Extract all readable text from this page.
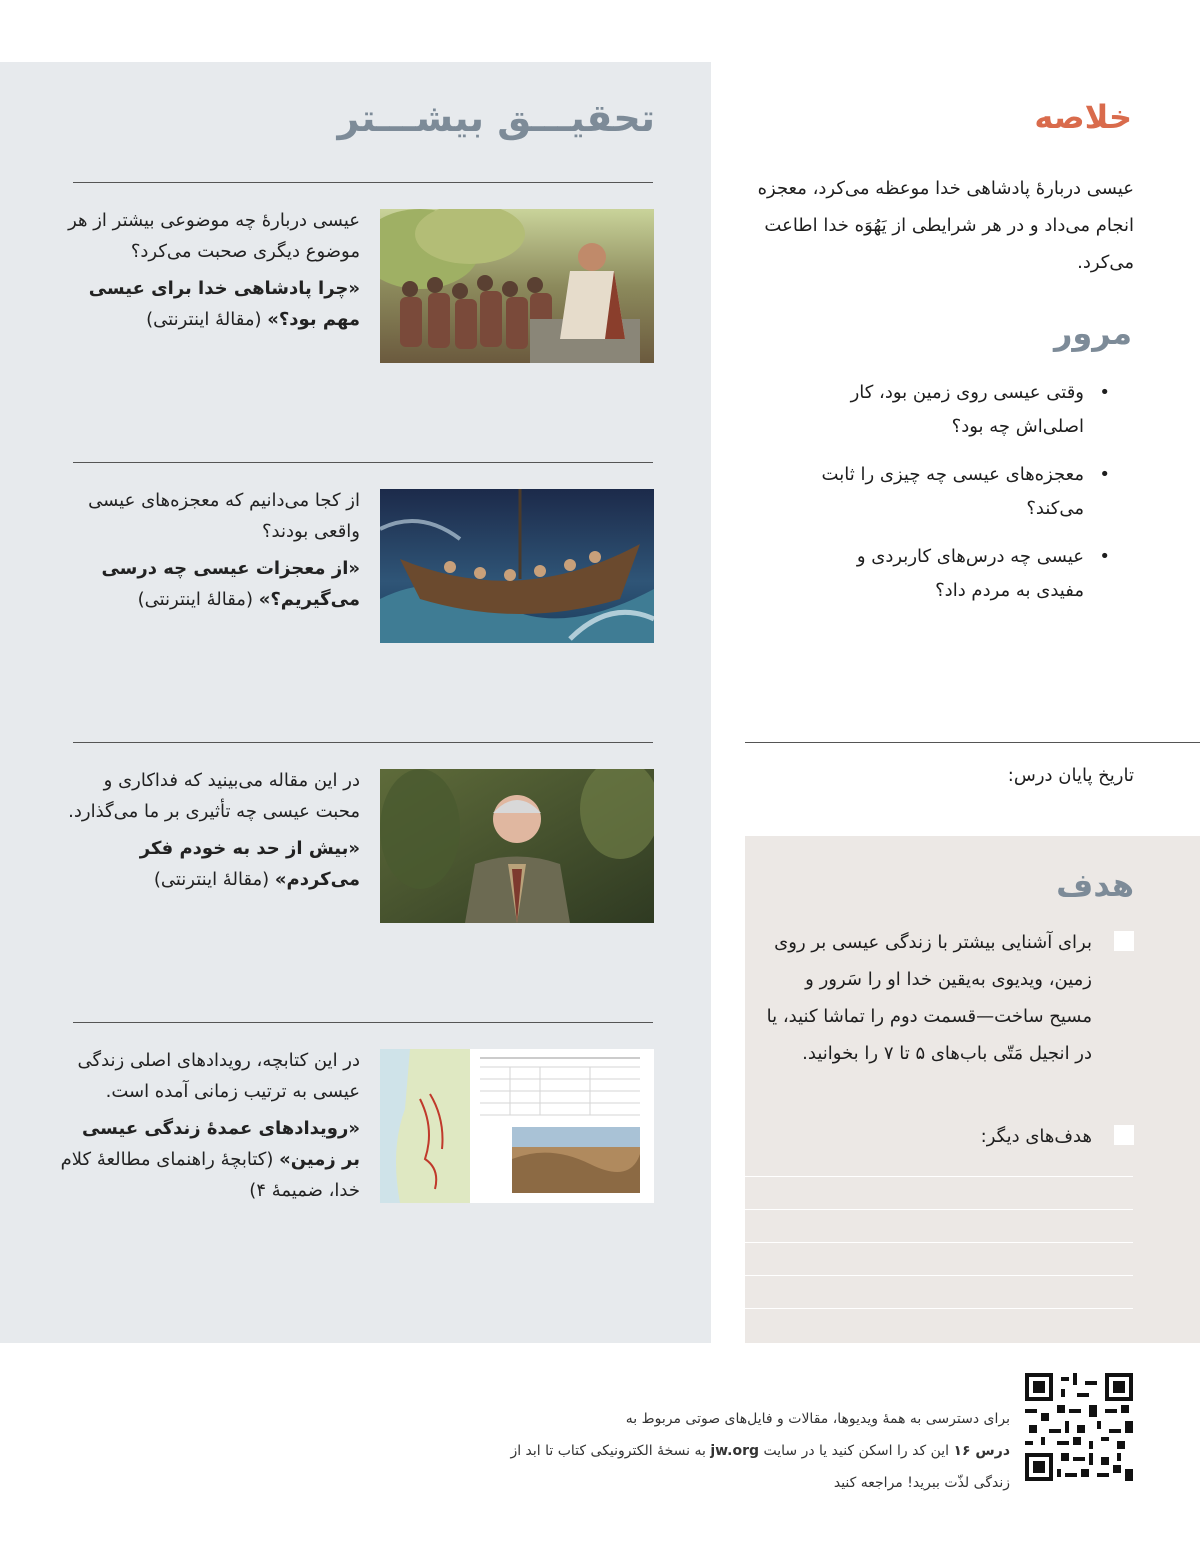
تحقیـــق بیشـــتر
عیسی دربارهٔ چه موضوعی بیشتر از هر موضوع دیگری صحبت می‌کرد؟
«چرا پادشاهی خدا برای عیسی مهم بود؟» (مقالهٔ اینترنتی)
از کجا می‌دانیم که معجزه‌های عیسی واقعی بودند؟
«از معجزات عیسی چه درسی می‌گیریم؟» (مقالهٔ اینترنتی)
در این مقاله می‌بینید که فداکاری و محبت عیسی چه تأثیری بر ما می‌گذارد.
«بیش از حد به خودم فکر می‌کردم» (مقالهٔ اینترنتی)
در این کتابچه، رویدادهای اصلی زندگی عیسی به ترتیب زمانی آمده است.
«رویدادهای عمدهٔ زندگی عیسی بر زمین» (کتابچهٔ راهنمای مطالعهٔ کلام خدا، ضمیمهٔ ۴)
خلاصه
عیسی دربارهٔ پادشاهی خدا موعظه می‌کرد، معجزه انجام می‌داد و در هر شرایطی از یَهُوَه خدا اطاعت می‌کرد.
مرور
•
وقتی عیسی روی زمین بود، کار اصلی‌اش چه بود؟
•
معجزه‌های عیسی چه چیزی را ثابت می‌کند؟
•
عیسی چه درس‌های کاربردی و مفیدی به مردم داد؟
تاریخ پایان درس:
هدف
برای آشنایی بیشتر با زندگی عیسی بر روی زمین، ویدیوی به‌یقین خدا او را سَرور و مسیح ساخت—قسمت دوم را تماشا کنید، یا در انجیل مَتّی باب‌های ۵ تا ۷ را بخوانید.
هدف‌های دیگر:
برای دسترسی به همهٔ ویدیوها، مقالات و فایل‌های صوتی مربوط به
درس ۱۶ این کد را اسکن کنید یا در سایت jw.org به نسخهٔ الکترونیکی کتاب تا ابد از زندگی لذّت ببرید! مراجعه کنید
